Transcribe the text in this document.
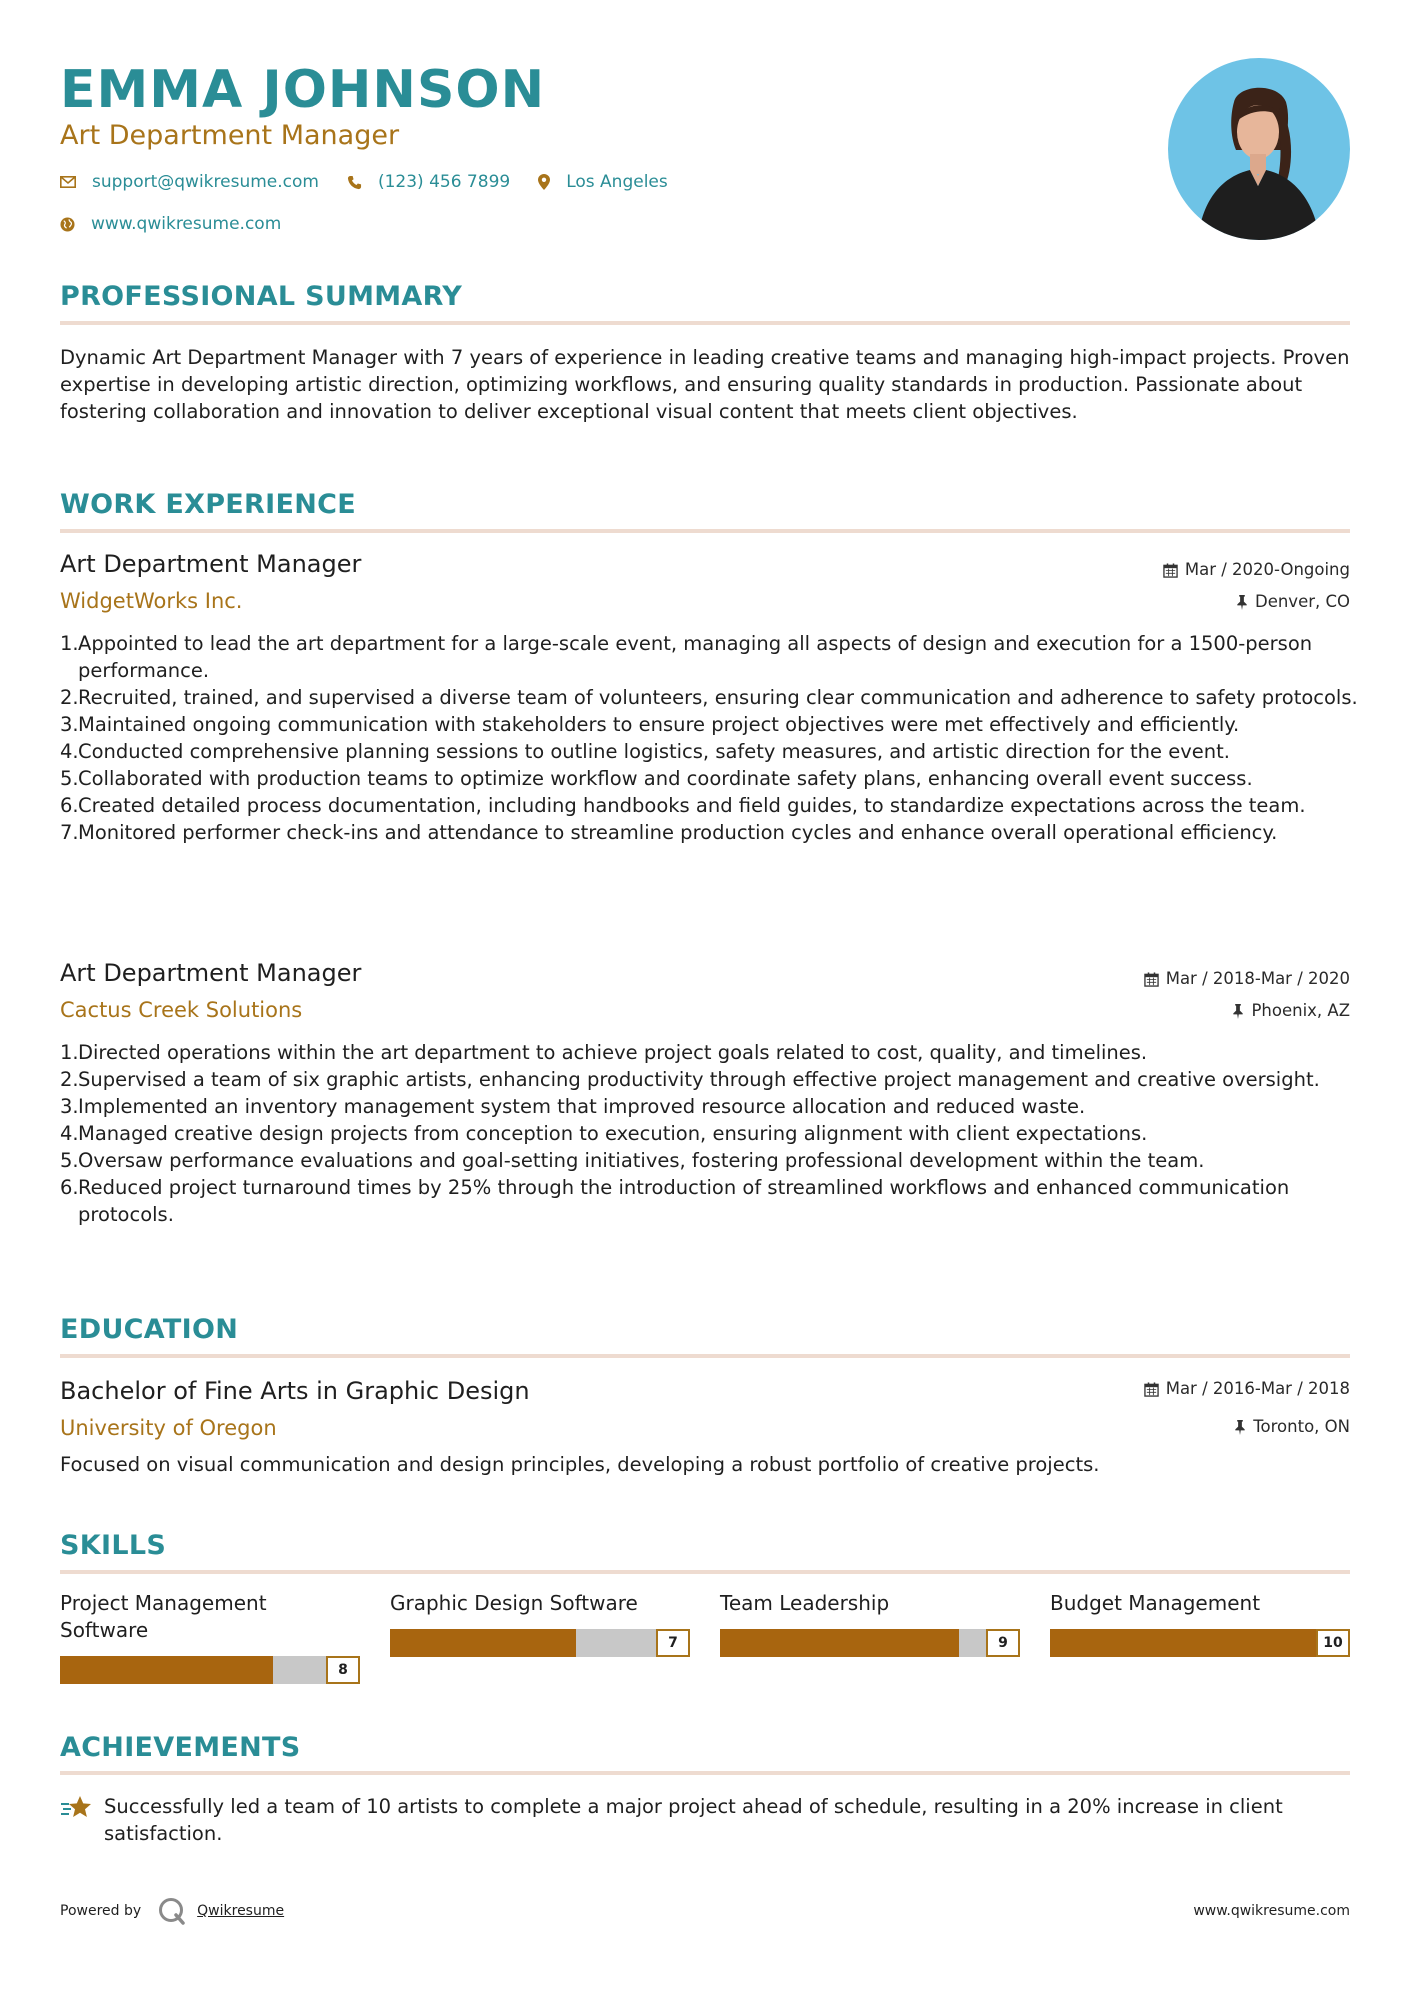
EMMA JOHNSON
Art Department Manager
support@qwikresume.com	(123) 456 7899	Los Angeles
www.qwikresume.com
PROFESSIONAL SUMMARY
Dynamic Art Department Manager with 7 years of experience in leading creative teams and managing high-impact projects. Proven expertise in developing artistic direction, optimizing workflows, and ensuring quality standards in production. Passionate about fostering collaboration and innovation to deliver exceptional visual content that meets client objectives.
WORK EXPERIENCE
Art Department Manager	Mar / 2020-Ongoing
WidgetWorks Inc.	Denver, CO
1. Appointed to lead the art department for a large-scale event, managing all aspects of design and execution for a 1500-person performance.
2. Recruited, trained, and supervised a diverse team of volunteers, ensuring clear communication and adherence to safety protocols.
3. Maintained ongoing communication with stakeholders to ensure project objectives were met effectively and efficiently.
4. Conducted comprehensive planning sessions to outline logistics, safety measures, and artistic direction for the event.
5. Collaborated with production teams to optimize workflow and coordinate safety plans, enhancing overall event success.
6. Created detailed process documentation, including handbooks and field guides, to standardize expectations across the team.
7. Monitored performer check-ins and attendance to streamline production cycles and enhance overall operational efficiency.
Art Department Manager	Mar / 2018-Mar / 2020
Cactus Creek Solutions	Phoenix, AZ
1. Directed operations within the art department to achieve project goals related to cost, quality, and timelines.
2. Supervised a team of six graphic artists, enhancing productivity through effective project management and creative oversight.
3. Implemented an inventory management system that improved resource allocation and reduced waste.
4. Managed creative design projects from conception to execution, ensuring alignment with client expectations.
5. Oversaw performance evaluations and goal-setting initiatives, fostering professional development within the team.
6. Reduced project turnaround times by 25% through the introduction of streamlined workflows and enhanced communication protocols.
EDUCATION
Bachelor of Fine Arts in Graphic Design	Mar / 2016-Mar / 2018
University of Oregon	Toronto, ON
Focused on visual communication and design principles, developing a robust portfolio of creative projects.
SKILLS
Project Management Software
8
Graphic Design Software
7
Team Leadership
9
Budget Management
10
ACHIEVEMENTS
Successfully led a team of 10 artists to complete a major project ahead of schedule, resulting in a 20% increase in client satisfaction.
Powered by	Qwikresume	www.qwikresume.com
